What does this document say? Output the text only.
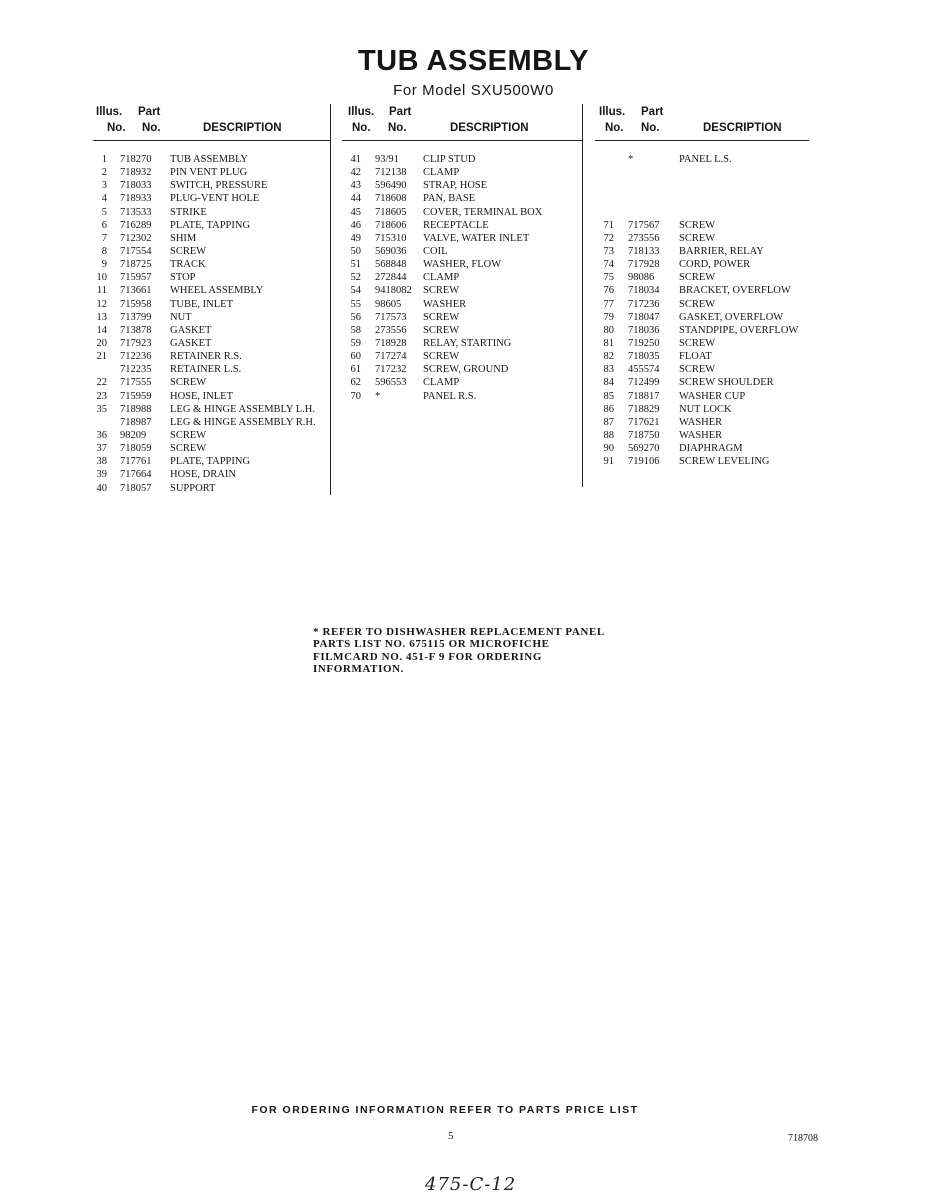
TUB ASSEMBLY
For Model SXU500W0
Illus. Part
No. No.	DESCRIPTION
1 718270 TUB ASSEMBLY
2 718932 PIN VENT PLUG
3 718033 SWITCH, PRESSURE
4 718933 PLUG-VENT HOLE
5 713533 STRIKE
6 716289 PLATE, TAPPING
7 712302 SHIM
8 717554 SCREW
9 718725 TRACK
10 715957 STOP
11 713661 WHEEL ASSEMBLY
12 715958 TUBE, INLET
13 713799 NUT
14 713878 GASKET
20 717923 GASKET
21 712236 RETAINER R.S.
712235 RETAINER L.S.
22 717555 SCREW
23 715959 HOSE, INLET
35 718988 LEG & HINGE ASSEMBLY L.H.
718987 LEG & HINGE ASSEMBLY R.H.
36 98209 SCREW
37 718059 SCREW
38 717761 PLATE, TAPPING
39 717664 HOSE, DRAIN
40 718057 SUPPORT
Illus. Part
No. No.	DESCRIPTION
41 93/91 CLIP STUD
42 712138 CLAMP
43 596490 STRAP, HOSE
44 718608 PAN, BASE
45 718605 COVER, TERMINAL BOX
46 718606 RECEPTACLE
49 715310 VALVE, WATER INLET
50 569036 COIL
51 568848 WASHER, FLOW
52 272844 CLAMP
54 9418082 SCREW
55 98605 WASHER
56 717573 SCREW
58 273556 SCREW
59 718928 RELAY, STARTING
60 717274 SCREW
61 717232 SCREW, GROUND
62 596553 CLAMP
70 *	PANEL R.S.
Illus. Part
No. No.	DESCRIPTION
*	PANEL L.S.
71 717567 SCREW
72 273556 SCREW
73 718133 BARRIER, RELAY
74 717928 CORD, POWER
75 98086 SCREW
76 718034 BRACKET, OVERFLOW
77 717236 SCREW
79 718047 GASKET, OVERFLOW
80 718036 STANDPIPE, OVERFLOW
81 719250 SCREW
82 718035 FLOAT
83 455574 SCREW
84 712499 SCREW SHOULDER
85 718817 WASHER CUP
86 718829 NUT LOCK
87 717621 WASHER
88 718750 WASHER
90 569270 DIAPHRAGM
91 719106 SCREW LEVELING

* REFER TO DISHWASHER REPLACEMENT PANEL PARTS LIST NO. 675115 OR MICROFICHE FILMCARD NO. 451-F 9 FOR ORDERING INFORMATION.

FOR ORDERING INFORMATION REFER TO PARTS PRICE LIST
5	718708
475-C-12
